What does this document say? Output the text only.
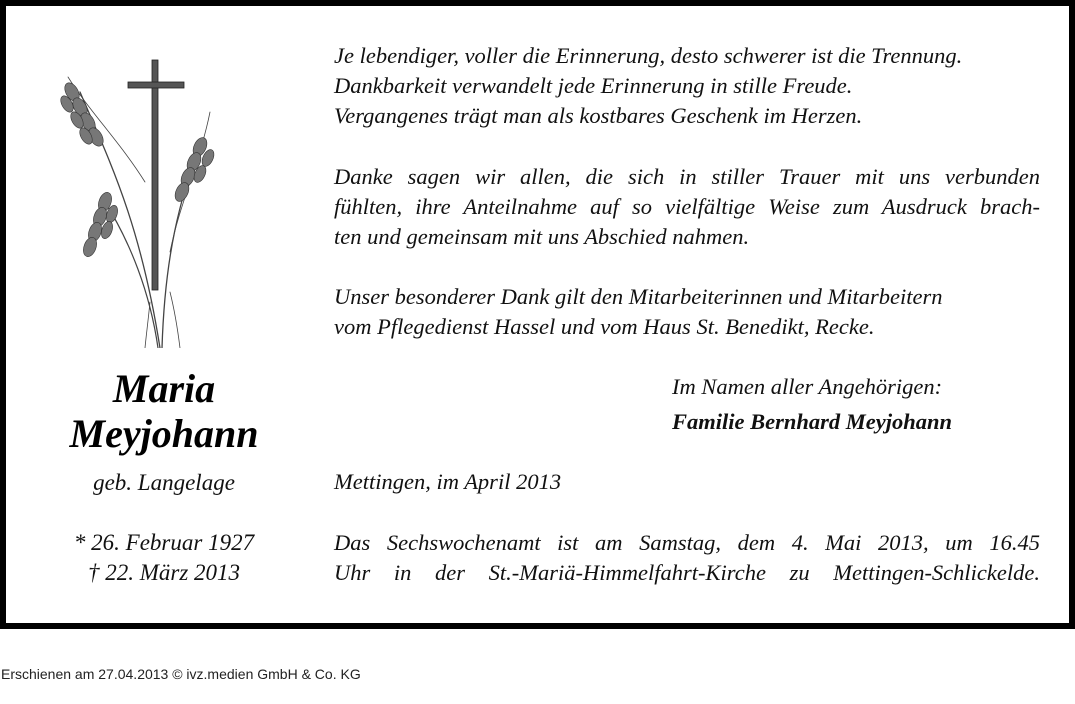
Maria
Meyjohann
geb. Langelage
* 26. Februar 1927
† 22. März 2013
Je lebendiger, voller die Erinnerung, desto schwerer ist die Trennung.
Dankbarkeit verwandelt jede Erinnerung in stille Freude.
Vergangenes trägt man als kostbares Geschenk im Herzen.
Danke sagen wir allen, die sich in stiller Trauer mit uns verbunden
fühlten, ihre Anteilnahme auf so vielfältige Weise zum Ausdruck brach-
ten und gemeinsam mit uns Abschied nahmen.
Unser besonderer Dank gilt den Mitarbeiterinnen und Mitarbeitern
vom Pflegedienst Hassel und vom Haus St. Benedikt, Recke.
Im Namen aller Angehörigen:
Familie Bernhard Meyjohann
Mettingen, im April 2013
Das Sechswochenamt ist am Samstag, dem 4. Mai 2013, um 16.45
Uhr in der St.-Mariä-Himmelfahrt-Kirche zu Mettingen-Schlickelde.
Erschienen am 27.04.2013 © ivz.medien GmbH & Co. KG
